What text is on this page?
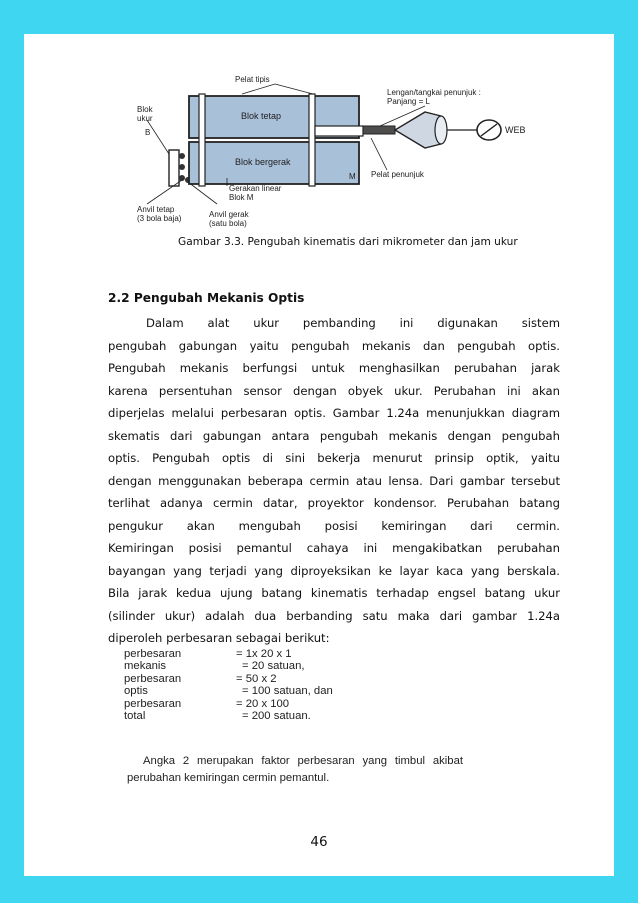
Pelat tipis
Blok
ukur
B
Blok tetap
Blok bergerak
M
Lengan/tangkai penunjuk :
Panjang = L
WEB
Pelat penunjuk
Gerakan linear
Blok M
Anvil tetap
(3 bola baja)	Anvil gerak
(satu bola)
Gambar 3.3. Pengubah kinematis dari mikrometer dan jam ukur
2.2 Pengubah Mekanis Optis
Dalam alat ukur pembanding ini digunakan sistem
pengubah gabungan yaitu pengubah mekanis dan pengubah optis.
Pengubah mekanis berfungsi untuk menghasilkan perubahan jarak
karena persentuhan sensor dengan obyek ukur. Perubahan ini akan
diperjelas melalui perbesaran optis. Gambar 1.24a menunjukkan diagram
skematis dari gabungan antara pengubah mekanis dengan pengubah
optis. Pengubah optis di sini bekerja menurut prinsip optik, yaitu
dengan menggunakan beberapa cermin atau lensa. Dari gambar tersebut
terlihat adanya cermin datar, proyektor kondensor. Perubahan batang
pengukur akan mengubah posisi kemiringan dari cermin.
Kemiringan posisi pemantul cahaya ini mengakibatkan perubahan
bayangan yang terjadi yang diproyeksikan ke layar kaca yang berskala.
Bila jarak kedua ujung batang kinematis terhadap engsel batang ukur
(silinder ukur) adalah dua berbanding satu maka dari gambar 1.24a
diperoleh perbesaran sebagai berikut:
perbesaran mekanis
= 1x 20 x 1
= 20 satuan,
perbesaran optis
= 50 x 2
= 100 satuan, dan
perbesaran total
= 20 x 100
= 200 satuan.
Angka 2 merupakan faktor perbesaran yang timbul akibat
perubahan kemiringan cermin pemantul.
46
